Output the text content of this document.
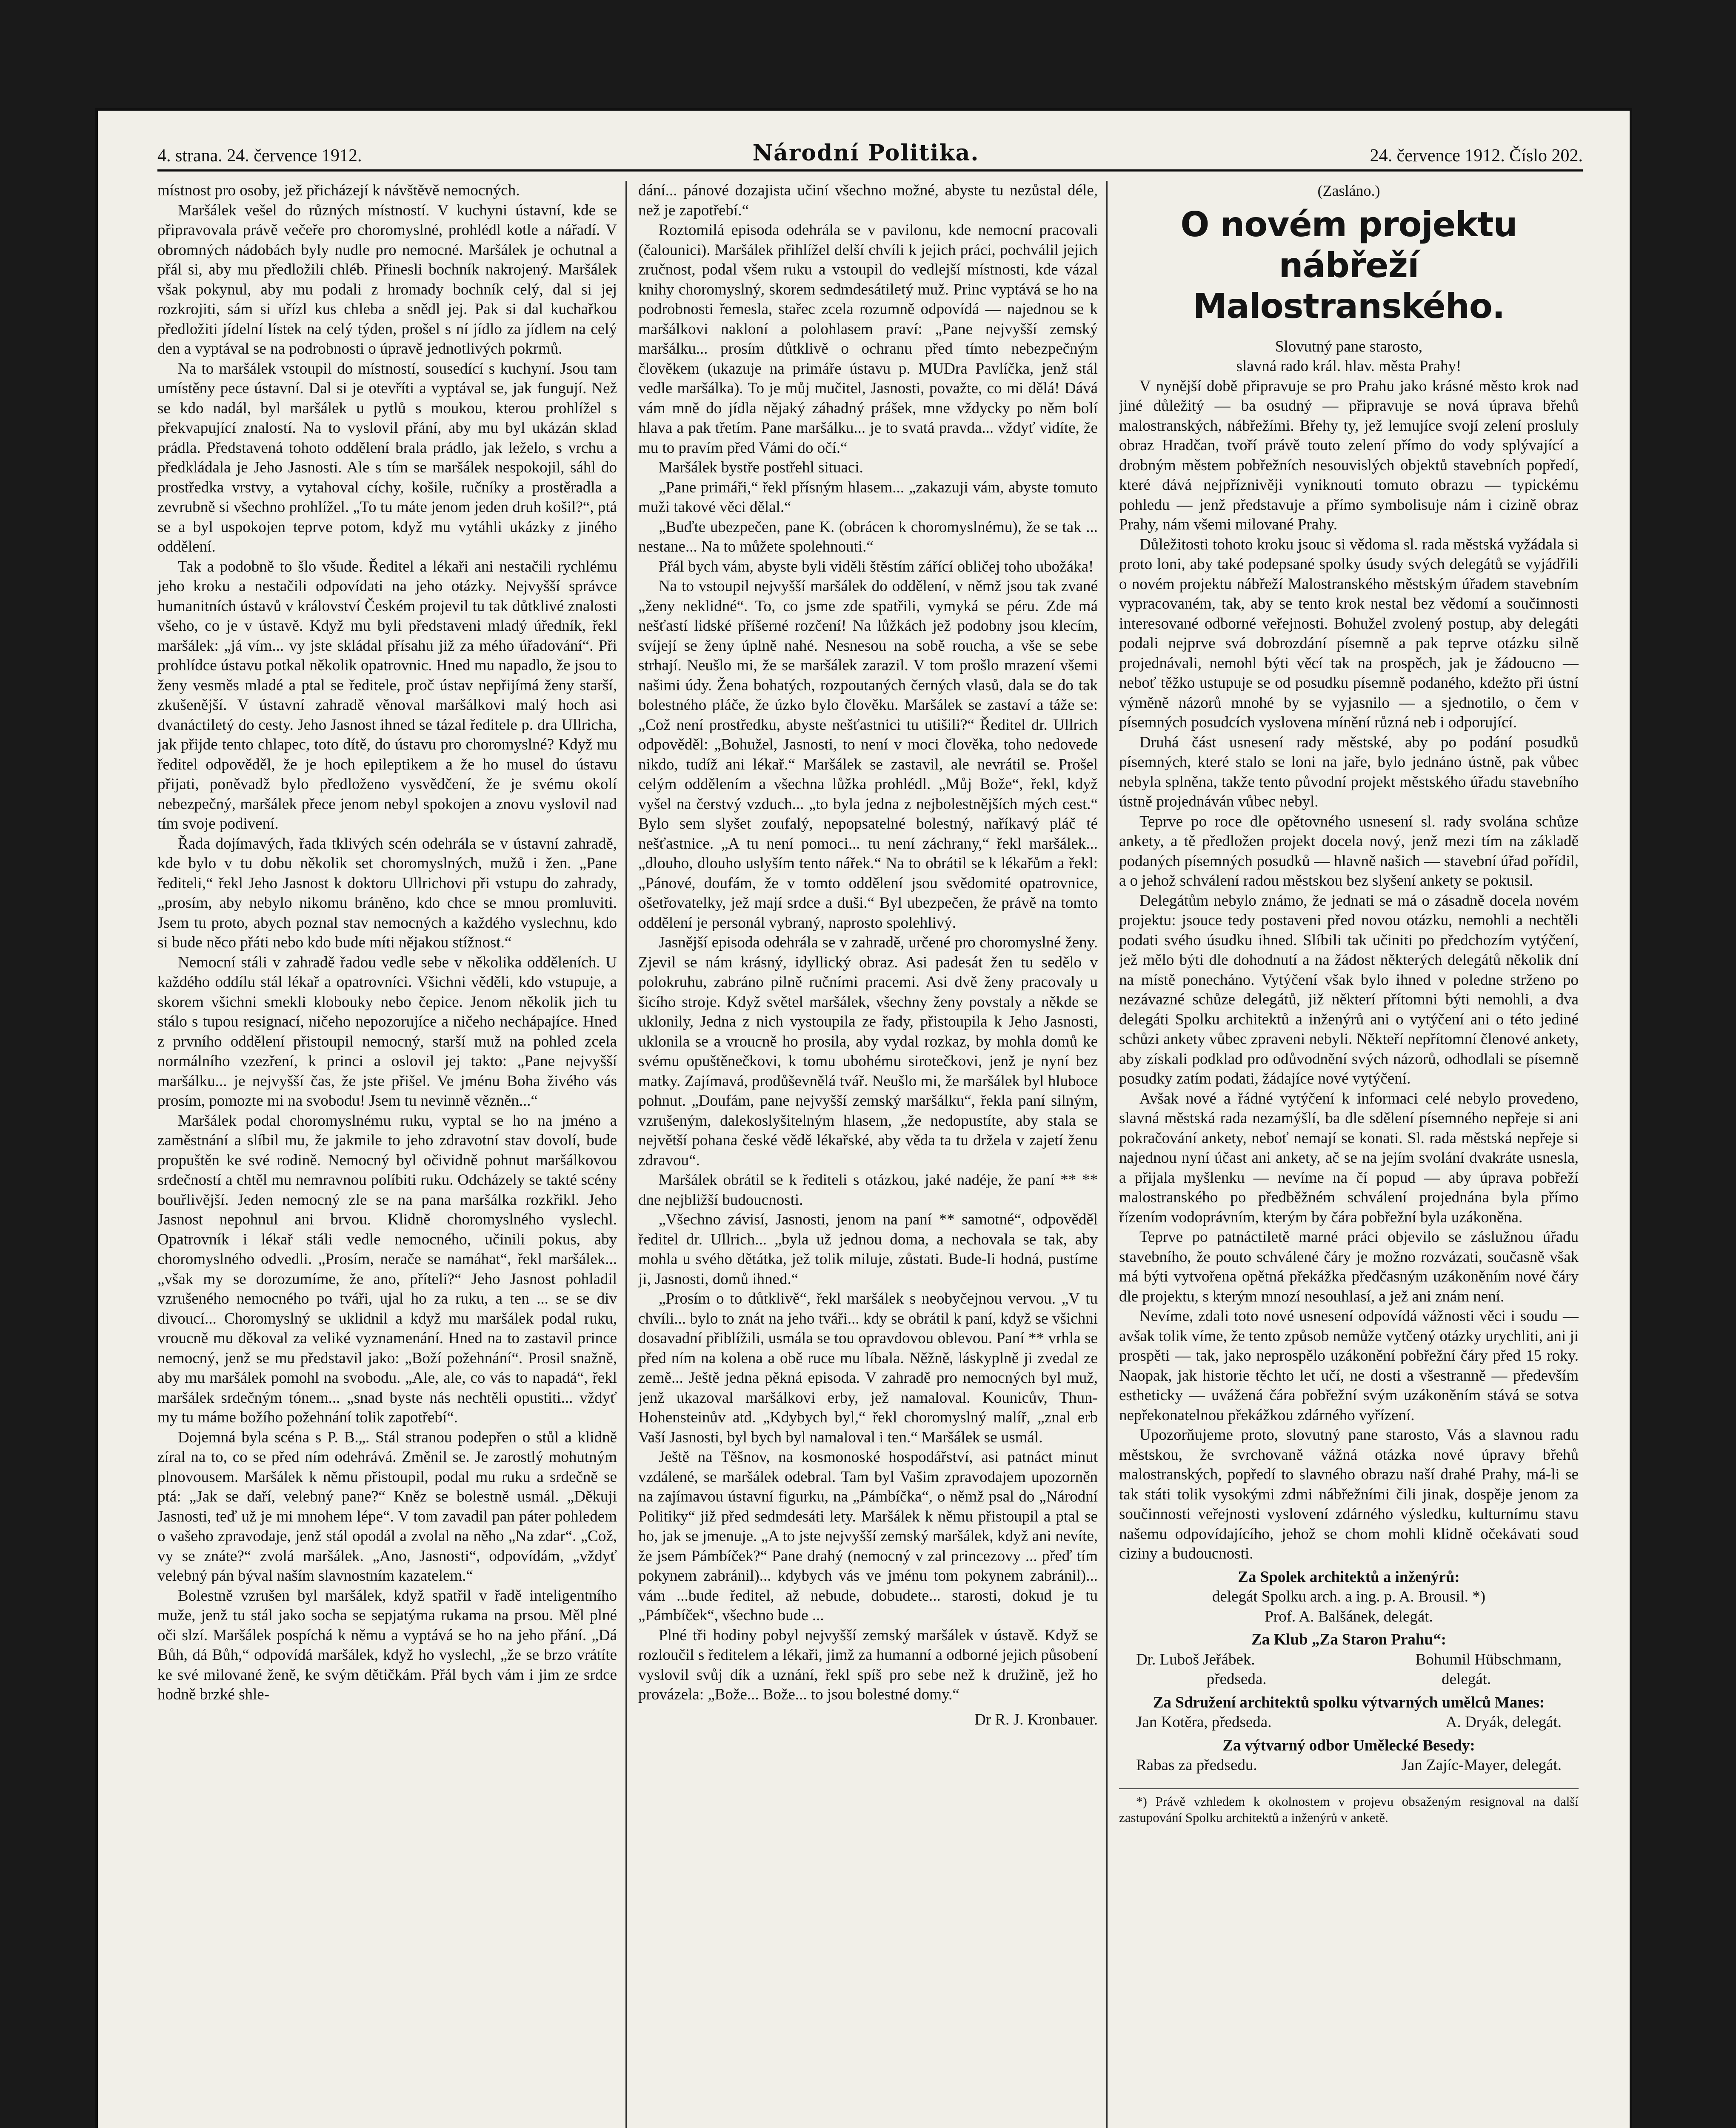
4. strana. 24. července 1912.	Národní Politika.	24. července 1912. Číslo 202.

místnost pro osoby, jež přicházejí k návštěvě nemocných.

Maršálek vešel do různých místností. V kuchyni ústavní, kde se připravovala právě večeře pro choromyslné, prohlédl kotle a nářadí. V obromných nádobách byly nudle pro nemocné. Maršálek je ochutnal a přál si, aby mu předložili chléb. Přinesli bochník nakrojený. Maršálek však pokynul, aby mu podali z hromady bochník celý, dal si jej rozkrojiti, sám si uřízl kus chleba a snědl jej. Pak si dal kuchařkou předložiti jídelní lístek na celý týden, prošel s ní jídlo za jídlem na celý den a vyptával se na podrobnosti o úpravě jednotlivých pokrmů.

Na to maršálek vstoupil do místností, sousedící s kuchyní. Jsou tam umístěny pece ústavní. Dal si je otevříti a vyptával se, jak fungují. Než se kdo nadál, byl maršálek u pytlů s moukou, kterou prohlížel s překvapující znalostí. Na to vyslovil přání, aby mu byl ukázán sklad prádla. Představená tohoto oddělení brala prádlo, jak leželo, s vrchu a předkládala je Jeho Jasnosti. Ale s tím se maršálek nespokojil, sáhl do prostředka vrstvy, a vytahoval cíchy, košile, ručníky a prostěradla a zevrubně si všechno prohlížel. „To tu máte jenom jeden druh košil?“, ptá se a byl uspokojen teprve potom, když mu vytáhli ukázky z jiného oddělení.

Tak a podobně to šlo všude. Ředitel a lékaři ani nestačili rychlému jeho kroku a nestačili odpovídati na jeho otázky. Nejvyšší správce humanitních ústavů v království Českém projevil tu tak důtklivé znalosti všeho, co je v ústavě. Když mu byli představeni mladý úředník, řekl maršálek: „já vím... vy jste skládal přísahu již za mého úřadování“. Při prohlídce ústavu potkal několik opatrovnic. Hned mu napadlo, že jsou to ženy vesměs mladé a ptal se ředitele, proč ústav nepřijímá ženy starší, zkušenější. V ústavní zahradě věnoval maršálkovi malý hoch asi dvanáctiletý do cesty. Jeho Jasnost ihned se tázal ředitele p. dra Ullricha, jak přijde tento chlapec, toto dítě, do ústavu pro choromyslné? Když mu ředitel odpověděl, že je hoch epileptikem a že ho musel do ústavu přijati, poněvadž bylo předloženo vysvědčení, že je svému okolí nebezpečný, maršálek přece jenom nebyl spokojen a znovu vyslovil nad tím svoje podivení.

Řada dojímavých, řada tklivých scén odehrála se v ústavní zahradě, kde bylo v tu dobu několik set choromyslných, mužů i žen. „Pane řediteli,“ řekl Jeho Jasnost k doktoru Ullrichovi při vstupu do zahrady, „prosím, aby nebylo nikomu bráněno, kdo chce se mnou promluviti. Jsem tu proto, abych poznal stav nemocných a každého vyslechnu, kdo si bude něco přáti nebo kdo bude míti nějakou stížnost.“

Nemocní stáli v zahradě řadou vedle sebe v několika odděleních. U každého oddílu stál lékař a opatrovníci. Všichni věděli, kdo vstupuje, a skorem všichni smekli klobouky nebo čepice. Jenom několik jich tu stálo s tupou resignací, ničeho nepozorujíce a ničeho nechápajíce. Hned z prvního oddělení přistoupil nemocný, starší muž na pohled zcela normálního vzezření, k princi a oslovil jej takto: „Pane nejvyšší maršálku... je nejvyšší čas, že jste přišel. Ve jménu Boha živého vás prosím, pomozte mi na svobodu! Jsem tu nevinně vězněn...“

Maršálek podal choromyslnému ruku, vyptal se ho na jméno a zaměstnání a slíbil mu, že jakmile to jeho zdravotní stav dovolí, bude propuštěn ke své rodině. Nemocný byl očividně pohnut maršálkovou srdečností a chtěl mu nemravnou políbiti ruku. Odcházely se takté scény bouřlivější. Jeden nemocný zle se na pana maršálka rozkřikl. Jeho Jasnost nepohnul ani brvou. Klidně choromyslného vyslechl. Opatrovník i lékař stáli vedle nemocného, učinili pokus, aby choromyslného odvedli. „Prosím, nerače se namáhat“, řekl maršálek... „však my se dorozumíme, že ano, příteli?“ Jeho Jasnost pohladil vzrušeného nemocného po tváři, ujal ho za ruku, a ten ... se se div divoucí... Choromyslný se uklidnil a když mu maršálek podal ruku, vroucně mu děkoval za veliké vyznamenání. Hned na to zastavil prince nemocný, jenž se mu představil jako: „Boží požehnání“. Prosil snažně, aby mu maršálek pomohl na svobodu. „Ale, ale, co vás to napadá“, řekl maršálek srdečným tónem... „snad byste nás nechtěli opustiti... vždyť my tu máme božího požehnání tolik zapotřebí“.

Dojemná byla scéna s P. B.„. Stál stranou podepřen o stůl a klidně zíral na to, co se před ním odehrává. Změnil se. Je zarostlý mohutným plnovousem. Maršálek k němu přistoupil, podal mu ruku a srdečně se ptá: „Jak se daří, velebný pane?“ Kněz se bolestně usmál. „Děkuji Jasnosti, teď už je mi mnohem lépe“. V tom zavadil pan páter pohledem o vašeho zpravodaje, jenž stál opodál a zvolal na něho „Na zdar“. „Což, vy se znáte?“ zvolá maršálek. „Ano, Jasnosti“, odpovídám, „vždyť velebný pán býval naším slavnostním kazatelem.“

Bolestně vzrušen byl maršálek, když spatřil v řadě inteligentního muže, jenž tu stál jako socha se sepjatýma rukama na prsou. Měl plné oči slzí. Maršálek pospíchá k němu a vyptává se ho na jeho přání. „Dá Bůh, dá Bůh,“ odpovídá maršálek, když ho vyslechl, „že se brzo vrátíte ke své milované ženě, ke svým dětičkám. Přál bych vám i jim ze srdce hodně brzké shle-

dání... pánové dozajista učiní všechno možné, abyste tu nezůstal déle, než je zapotřebí.“

Roztomilá episoda odehrála se v pavilonu, kde nemocní pracovali (čalounici). Maršálek přihlížel delší chvíli k jejich práci, pochválil jejich zručnost, podal všem ruku a vstoupil do vedlejší místnosti, kde vázal knihy choromyslný, skorem sedmdesátiletý muž. Princ vyptává se ho na podrobnosti řemesla, stařec zcela rozumně odpovídá — najednou se k maršálkovi nakloní a polohlasem praví: „Pane nejvyšší zemský maršálku... prosím důtklivě o ochranu před tímto nebezpečným člověkem (ukazuje na primáře ústavu p. MUDra Pavlíčka, jenž stál vedle maršálka). To je můj mučitel, Jasnosti, považte, co mi dělá! Dává vám mně do jídla nějaký záhadný prášek, mne vždycky po něm bolí hlava a pak třetím. Pane maršálku... je to svatá pravda... vždyť vidíte, že mu to pravím před Vámi do očí.“

Maršálek bystře postřehl situaci.

„Pane primáři,“ řekl přísným hlasem... „zakazuji vám, abyste tomuto muži takové věci dělal.“

„Buďte ubezpečen, pane K. (obrácen k choromyslnému), že se tak ... nestane... Na to můžete spolehnouti.“

Přál bych vám, abyste byli viděli štěstím zářící obličej toho ubožáka!

Na to vstoupil nejvyšší maršálek do oddělení, v němž jsou tak zvané „ženy neklidné“. To, co jsme zde spatřili, vymyká se péru. Zde má nešťastí lidské příšerné rozčení! Na lůžkách jež podobny jsou klecím, svíjejí se ženy úplně nahé. Nesnesou na sobě roucha, a vše se sebe strhají. Neušlo mi, že se maršálek zarazil. V tom prošlo mrazení všemi našimi údy. Žena bohatých, rozpoutaných černých vlasů, dala se do tak bolestného pláče, že úzko bylo člověku. Maršálek se zastaví a táže se: „Což není prostředku, abyste nešťastnici tu utišili?“ Ředitel dr. Ullrich odpověděl: „Bohužel, Jasnosti, to není v moci člověka, toho nedovede nikdo, tudíž ani lékař.“ Maršálek se zastavil, ale nevrátil se. Prošel celým oddělením a všechna lůžka prohlédl. „Můj Bože“, řekl, když vyšel na čerstvý vzduch... „to byla jedna z nejbolestnějších mých cest.“ Bylo sem slyšet zoufalý, nepopsatelné bolestný, naříkavý pláč té nešťastnice. „A tu není pomoci... tu není záchrany,“ řekl maršálek... „dlouho, dlouho uslyším tento nářek.“ Na to obrátil se k lékařům a řekl: „Pánové, doufám, že v tomto oddělení jsou svědomité opatrovnice, ošetřovatelky, jež mají srdce a duši.“ Byl ubezpečen, že právě na tomto oddělení je personál vybraný, naprosto spolehlivý.

Jasnější episoda odehrála se v zahradě, určené pro choromyslné ženy. Zjevil se nám krásný, idyllický obraz. Asi padesát žen tu sedělo v polokruhu, zabráno pilně ručními pracemi. Asi dvě ženy pracovaly u šicího stroje. Když světel maršálek, všechny ženy povstaly a někde se uklonily, Jedna z nich vystoupila ze řady, přistoupila k Jeho Jasnosti, uklonila se a vroucně ho prosila, aby vydal rozkaz, by mohla domů ke svému opuštěnečkovi, k tomu ubohému sirotečkovi, jenž je nyní bez matky. Zajímavá, prodůševnělá tvář. Neušlo mi, že maršálek byl hluboce pohnut. „Doufám, pane nejvyšší zemský maršálku“, řekla paní silným, vzrušeným, dalekoslyšitelným hlasem, „že nedopustíte, aby stala se největší pohana české vědě lékařské, aby věda ta tu držela v zajetí ženu zdravou“.

Maršálek obrátil se k řediteli s otázkou, jaké nadéje, že paní ** ** dne nejbližší budoucnosti.

„Všechno závisí, Jasnosti, jenom na paní ** samotné“, odpověděl ředitel dr. Ullrich... „byla už jednou doma, a nechovala se tak, aby mohla u svého dětátka, jež tolik miluje, zůstati. Bude-li hodná, pustíme ji, Jasnosti, domů ihned.“

„Prosím o to důtklivě“, řekl maršálek s neobyčejnou vervou. „V tu chvíli... bylo to znát na jeho tváři... kdy se obrátil k paní, když se všichni dosavadní přiblížili, usmála se tou opravdovou oblevou. Paní ** vrhla se před ním na kolena a obě ruce mu líbala. Něžně, láskyplně ji zvedal ze země... Ještě jedna pěkná episoda. V zahradě pro nemocných byl muž, jenž ukazoval maršálkovi erby, jež namaloval. Kounicův, Thun-Hohensteinův atd. „Kdybych byl,“ řekl choromyslný malíř, „znal erb Vaší Jasnosti, byl bych byl namaloval i ten.“ Maršálek se usmál.

Ještě na Těšnov, na kosmonoské hospodářství, asi patnáct minut vzdálené, se maršálek odebral. Tam byl Vašim zpravodajem upozorněn na zajímavou ústavní figurku, na „Pámbíčka“, o němž psal do „Národní Politiky“ již před sedmdesáti lety. Maršálek k němu přistoupil a ptal se ho, jak se jmenuje. „A to jste nejvyšší zemský maršálek, když ani nevíte, že jsem Pámbíček?“ Pane drahý (nemocný v zal princezovy ... přeď tím pokynem zabránil)... kdybych vás ve jménu tom pokynem zabránil)... vám ...bude ředitel, až nebude, dobudete... starosti, dokud je tu „Pámbíček“, všechno bude ...

Plné tři hodiny pobyl nejvyšší zemský maršálek v ústavě. Když se rozloučil s ředitelem a lékaři, jimž za humanní a odborné jejich působení vyslovil svůj dík a uznání, řekl spíš pro sebe než k družině, jež ho provázela: „Bože... Bože... to jsou bolestné domy.“

Dr R. J. Kronbauer.
(Zasláno.)
O novém projektu nábřeží Malostranského.

Slovutný pane starosto,

slavná rado král. hlav. města Prahy!

V nynější době připravuje se pro Prahu jako krásné město krok nad jiné důležitý — ba osudný — připravuje se nová úprava břehů malostranských, nábřežími. Břehy ty, jež lemujíce svojí zelení prosluly obraz Hradčan, tvoří právě touto zelení přímo do vody splývající a drobným městem pobřežních nesouvislých objektů stavebních popředí, které dává nejpříznivěji vyniknouti tomuto obrazu — typickému pohledu — jenž představuje a přímo symbolisuje nám i cizině obraz Prahy, nám všemi milované Prahy.

Důležitosti tohoto kroku jsouc si vědoma sl. rada městská vyžádala si proto loni, aby také podepsané spolky úsudy svých delegátů se vyjádřili o novém projektu nábřeží Malostranského městským úřadem stavebním vypracovaném, tak, aby se tento krok nestal bez vědomí a součinnosti interesované odborné veřejnosti. Bohužel zvolený postup, aby delegáti podali nejprve svá dobrozdání písemně a pak teprve otázku silně projednávali, nemohl býti věcí tak na prospěch, jak je žádoucno — neboť těžko ustupuje se od posudku písemně podaného, kdežto při ústní výměně názorů mnohé by se vyjasnilo — a sjednotilo, o čem v písemných posudcích vyslovena mínění různá neb i odporující.

Druhá část usnesení rady městské, aby po podání posudků písemných, které stalo se loni na jaře, bylo jednáno ústně, pak vůbec nebyla splněna, takže tento původní projekt městského úřadu stavebního ústně projednáván vůbec nebyl.

Teprve po roce dle opětovného usnesení sl. rady svolána schůze ankety, a tě předložen projekt docela nový, jenž mezi tím na základě podaných písemných posudků — hlavně našich — stavební úřad pořídil, a o jehož schválení radou městskou bez slyšení ankety se pokusil.

Delegátům nebylo známo, že jednati se má o zásadně docela novém projektu: jsouce tedy postaveni před novou otázku, nemohli a nechtěli podati svého úsudku ihned. Slíbili tak učiniti po předchozím vytýčení, jež mělo býti dle dohodnutí a na žádost některých delegátů několik dní na místě ponecháno. Vytýčení však bylo ihned v poledne strženo po nezávazné schůze delegátů, již některí přítomni býti nemohli, a dva delegáti Spolku architektů a inženýrů ani o vytýčení ani o této jediné schůzi ankety vůbec zpraveni nebyli. Někteří nepřítomní členové ankety, aby získali podklad pro odůvodnění svých názorů, odhodlali se písemně posudky zatím podati, žádajíce nové vytýčení.

Avšak nové a řádné vytýčení k informaci celé nebylo provedeno, slavná městská rada nezamýšlí, ba dle sdělení písemného nepřeje si ani pokračování ankety, neboť nemají se konati. Sl. rada městská nepřeje si najednou nyní účast ani ankety, ač se na jejím svolání dvakráte usnesla, a přijala myšlenku — nevíme na čí popud — aby úprava pobřeží malostranského po předběžném schválení projednána byla přímo řízením vodoprávním, kterým by čára pobřežní byla uzákoněna.

Teprve po patnáctiletě marné práci objevilo se záslužnou úřadu stavebního, že pouto schválené čáry je možno rozvázati, současně však má býti vytvořena opětná překážka předčasným uzákoněním nové čáry dle projektu, s kterým mnozí nesouhlasí, a jež ani znám není.

Nevíme, zdali toto nové usnesení odpovídá vážnosti věci i soudu — avšak tolik víme, že tento způsob nemůže vytčený otázky urychliti, ani ji prospěti — tak, jako neprospělo uzákonění pobřežní čáry před 15 roky. Naopak, jak historie těchto let učí, ne dosti a všestranně — především estheticky — uvážená čára pobřežní svým uzákoněním stává se sotva nepřekonatelnou překážkou zdárného vyřízení.

Upozorňujeme proto, slovutný pane starosto, Vás a slavnou radu městskou, že svrchovaně vážná otázka nové úpravy břehů malostranských, popředí to slavného obrazu naší drahé Prahy, má-li se tak státi tolik vysokými zdmi nábřežními čili jinak, dospěje jenom za součinnosti veřejnosti vyslovení zdárného výsledku, kulturnímu stavu našemu odpovídajícího, jehož se chom mohli klidně očekávati soud ciziny a budoucnosti.

Za Spolek architektů a inženýrů:
delegát Spolku arch. a ing. p. A. Brousil. *)
Prof. A. Balšánek, delegát.
Za Klub „Za Staron Prahu“:
Dr. Luboš Jeřábek.	Bohumil Hübschmann,
předseda.	delegát.
Za Sdružení architektů spolku výtvarných umělců Manes:
Jan Kotěra, předseda.	A. Dryák, delegát.
Za výtvarný odbor Umělecké Besedy:
Rabas za předsedu.	Jan Zajíc-Mayer, delegát.
*) Právě vzhledem k okolnostem v projevu obsaženým resignoval na další zastupování Spolku architektů a inženýrů v anketě.
